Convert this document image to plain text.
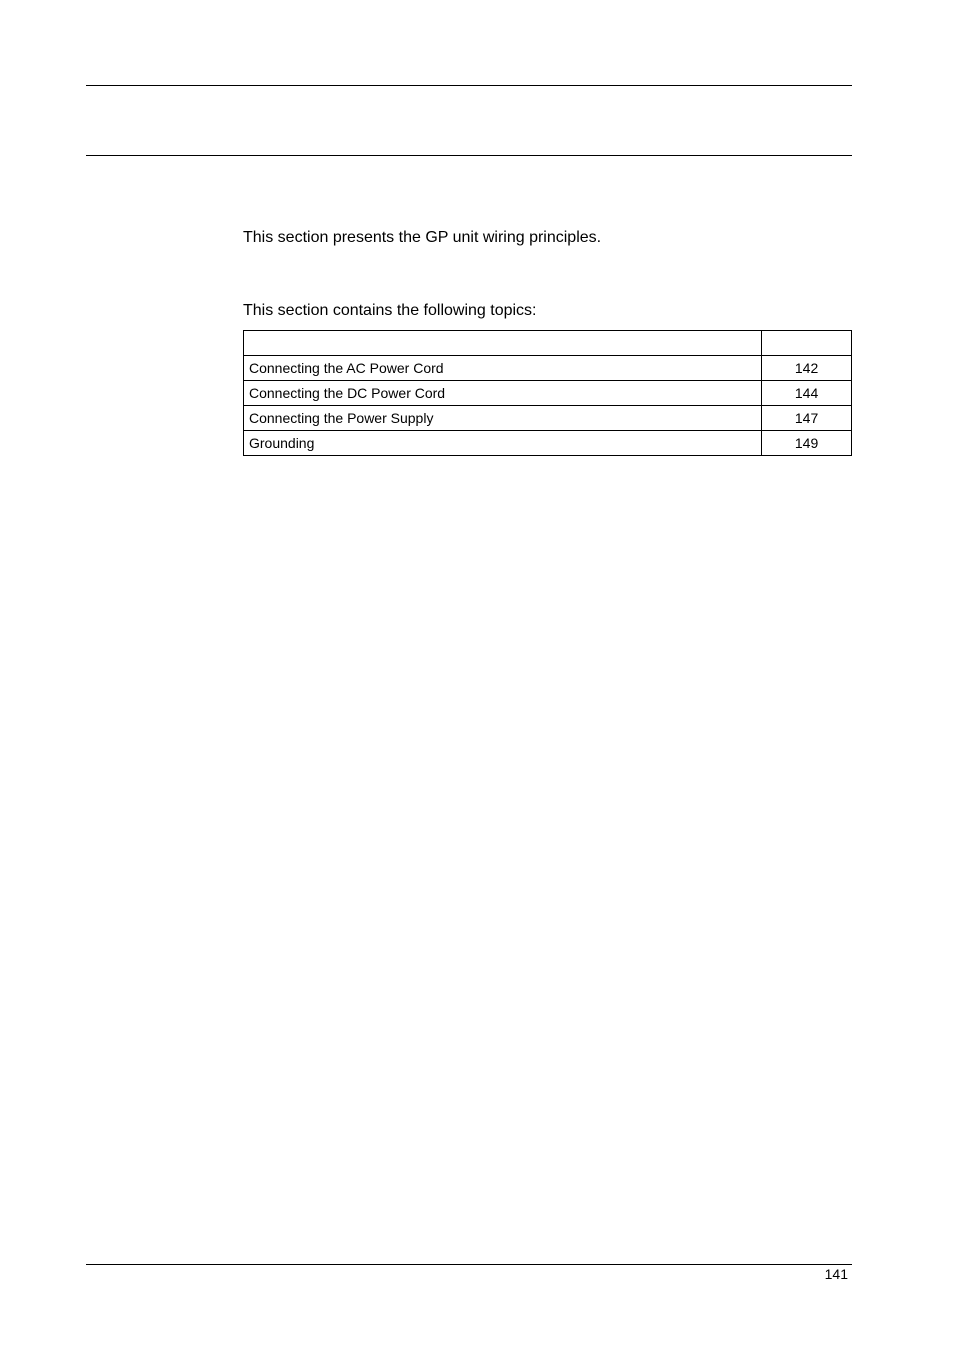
This section presents the GP unit wiring principles.

This section contains the following topics:

Connecting the AC Power Cord	142
Connecting the DC Power Cord	144
Connecting the Power Supply	147
Grounding	149
141
